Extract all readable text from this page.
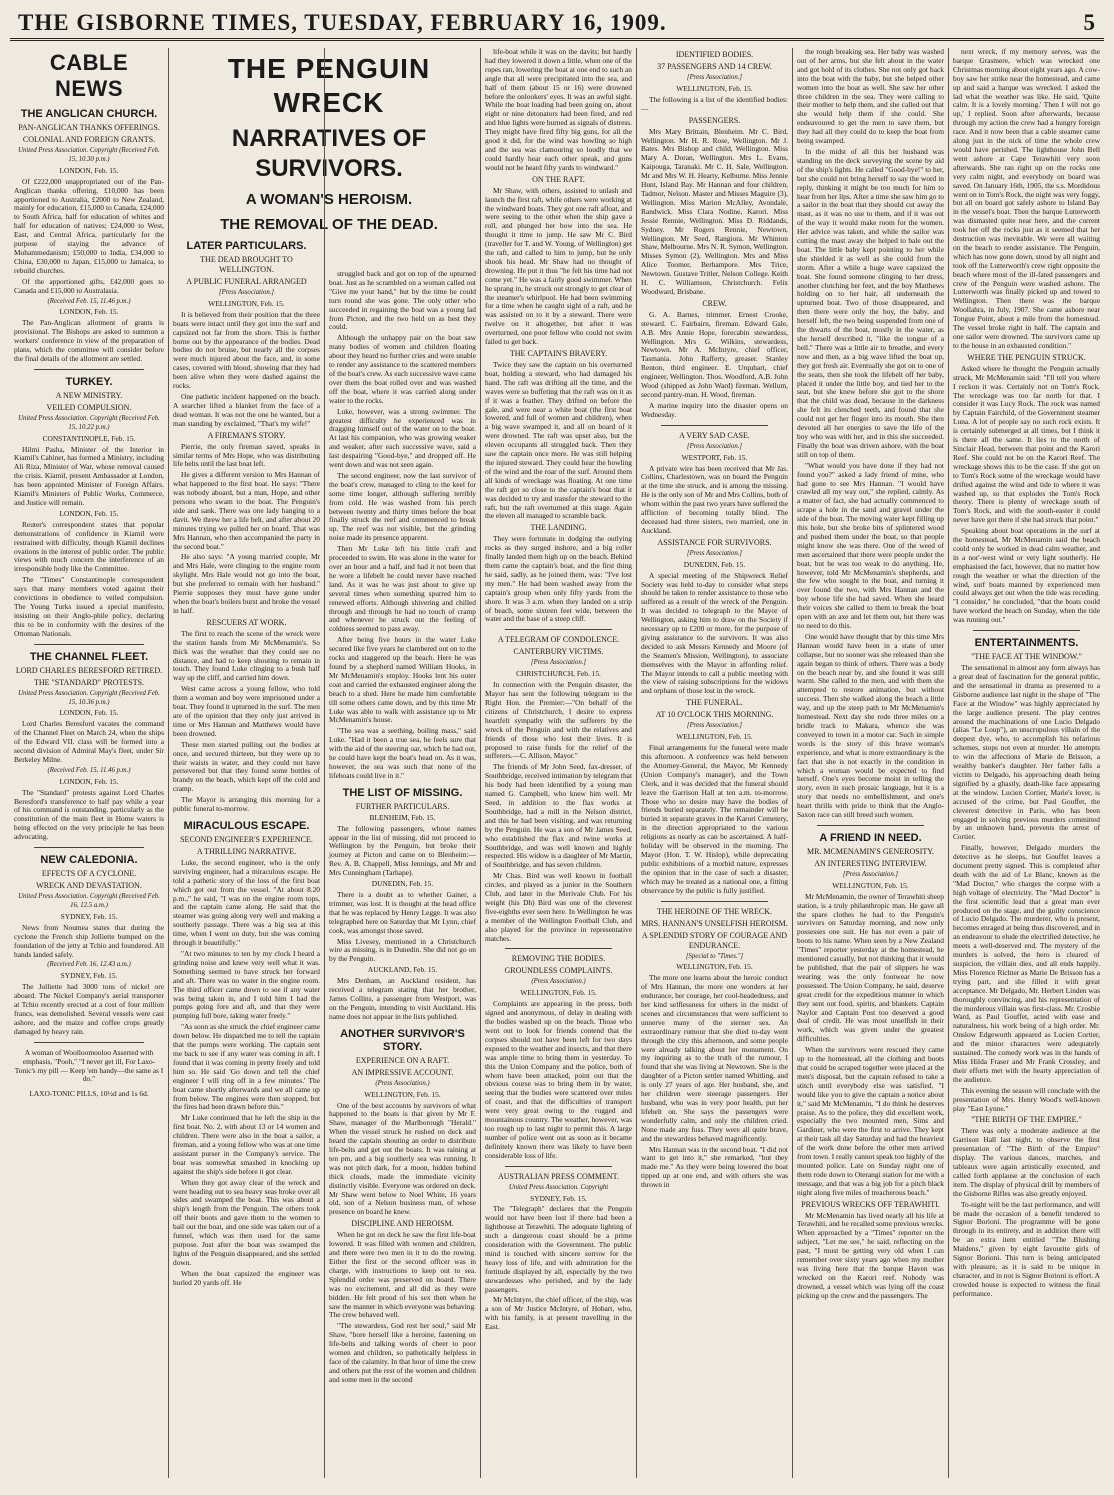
THE GISBORNE TIMES, TUESDAY, FEBRUARY 16, 1909.	5
CABLE NEWS
THE ANGLICAN CHURCH.
PAN-ANGLICAN THANKS OFFERINGS.
COLONIAL AND FOREIGN GRANTS.
United Press Association. Copyright (Received Feb. 15, 10.30 p.m.)
LONDON, Feb. 15.

Of £222,000 unappropriated out of the Pan-Anglican thanks offering, £10,000 has been apportioned to Australia, £2000 to New Zealand, mainly for education, £15,000 to Canada, £24,000 to South Africa, half for education of whites and half for education of natives; £24,000 to West, East, and Central Africa, particularly for the purpose of staying the advance of Mohammedanism; £50,000 to India, £34,000 to China, £30,000 to Japan, £15,000 to Jamaica, to rebuild churches.

Of the apportioned gifts, £42,000 goes to Canada and £15,000 to Australasia.

(Received Feb. 15, 11.46 p.m.)
LONDON, Feb. 15.

The Pan-Anglican allotment of grants is provisional. The Bishops are asked to summon a workers' conference in view of the preparation of plans, which the committee will consider before the final details of the allotment are settled.

TURKEY.
A NEW MINISTRY.
VEILED COMPULSION.
United Press Association. Copyright (Received Feb. 15, 10.22 p.m.)
CONSTANTINOPLE, Feb. 15.

Hilmi Pasha, Minister of the Interior in Kiamil's Cabinet, has formed a Ministry, including Ali Riza, Minister of War, whose removal caused the crisis. Kiamil, present Ambassador at London, has been appointed Minister of Foreign Affairs. Kiamil's Ministers of Public Works, Commerce, and Justice will remain.

LONDON, Feb. 15.

Reuter's correspondent states that popular demonstrations of confidence in Kiamil were restrained with difficulty, though Kiamil declines ovations in the interest of public order. The public views with much concern the interference of an irresponsible body like the Committee.

The "Times" Constantinople correspondent says that many members voted against their convictions in obedience to veiled compulsion. The Young Turks issued a special manifesto, insisting on their Anglo-phile policy, declaring this to be in conformity with the desires of the Ottoman Nationals.

THE CHANNEL FLEET.
LORD CHARLES BERESFORD RETIRED.
THE "STANDARD" PROTESTS.
United Press Association. Copyright (Received Feb. 15, 10.36 p.m.)
LONDON, Feb. 15.

Lord Charles Beresford vacates the command of the Channel Fleet on March 24, when the ships of the Edward VII. class will be formed into a second division of Admiral May's fleet, under Sir Berkeley Milne.

(Received Feb. 15, 11.46 p.m.)
LONDON, Feb. 15.

The "Standard" protests against Lord Charles Beresford's transference to half pay while a year of his command is outstanding, particularly as the constitution of the main fleet in Home waters is being effected on the very principle he has been advocating.

NEW CALEDONIA.
EFFECTS OF A CYCLONE.
WRECK AND DEVASTATION.
United Press Association. Copyright (Received Feb. 16, 12.5 a.m.)
SYDNEY, Feb. 15.

News from Noumea states that during the cyclone the French ship Jolliette bumped on the foundation of the jetty at Tchio and foundered. All hands landed safely.

(Received Feb. 16, 12.43 a.m.)
SYDNEY, Feb. 15.

The Jolliette had 3000 tons of nickel ore aboard. The Nickel Company's aerial transporter at Tchio recently erected at a cost of four million francs, was demolished. Several vessels were cast ashore, and the maize and coffee crops greatly damaged by heavy rain.

A woman of Woolloomooloo Asserted with emphasis, "Pooh," "I never get ill, For Laxo-Tonic's my pill — Keep 'em handy—the same as I do."
LAXO-TONIC PILLS, 10½d and 1s 6d.
THE PENGUIN WRECK
NARRATIVES OF SURVIVORS.
A WOMAN'S HEROISM.
THE REMOVAL OF THE DEAD.
LATER PARTICULARS.
THE DEAD BROUGHT TO WELLINGTON.
A PUBLIC FUNERAL ARRANGED
[Press Association.]
WELLINGTON, Feb. 15.

It is believed from their position that the three boats were intact until they got into the surf and capsized not far from the shore. This is further borne out by the appearance of the bodies. Dead bodies do not bruise, but nearly all the corpses were much injured about the face, and, in some cases, covered with blood, showing that they had been alive when they were dashed against the rocks.

One pathetic incident happened on the beach. A searcher lifted a blanket from the face of a dead woman. It was not the one he wanted, but a man standing by exclaimed, "That's my wife!"

A FIREMAN'S STORY.

Pierrie, the only fireman saved, speaks in similar terms of Mrs Hope, who was distributing life belts until the last boat left.

He gives a different version to Mrs Hannan of what happened to the first boat. He says: "There was nobody aboard, but a man, Hope, and other persons who swam to the boat. The Penguin's side and sank. There was one lady hanging to a davit. We threw her a life belt, and after about 20 minutes trying we pulled her on board. That was Mrs Hannan, who then accompanied the party in the second boat."

He also says: "A young married couple, Mr and Mrs Hale, were clinging to the engine room skylight. Mrs Hale would not go into the boat, but she preferred to remain with her husband." Pierrie supposes they must have gone under when the boat's boilers burst and broke the vessel in half.

RESCUERS AT WORK.

The first to reach the scene of the wreck were the station hands from Mr McMenamin's. So thick was the weather that they could see no distance, and had to keep shouting to remain in touch. They found Luke clinging to a bush half way up the cliff, and carried him down.

West came across a young fellow, who told them a woman and boy were imprisoned under a boat. They found it upturned in the surf. The men are of the opinion that they only just arrived in time or Mrs Hannan and Matthews would have been drowned.

These men started pulling out the bodies at once, and secured thirteen, but they were up to their waists in water, and they could not have persevered but that they found some bottles of brandy on the beach, which kept off the cold and cramp.

The Mayor is arranging this morning for a public funeral to-morrow.

MIRACULOUS ESCAPE.
SECOND ENGINEER'S EXPERIENCE.
A THRILLING NARRATIVE.

Luke, the second engineer, who is the only surviving engineer, had a miraculous escape. He told a pathetic story of the loss of the first boat which got out from the vessel. "At about 8.20 p.m.," he said, "I was on the engine room tops, and the captain came along. He said that the steamer was going along very well and making a southerly passage. There was a big sea at this time, when I went on duty, but she was coming through it beautifully."

"At two minutes to ten by my clock I heard a grinding noise and knew very well what it was. Something seemed to have struck her forward and aft. There was no water in the engine room. The third officer came down to see if any water was being taken in, and I told him I had the pumps going fore and aft, and that they were pumping full bore, taking water freely."

"As soon as she struck the chief engineer came down below. He dispatched me to tell the captain that the pumps were working. The captain sent me back to see if any water was coming in aft. I found that it was coming in pretty freely and told him so. He said 'Go down and tell the chief engineer I will ring off in a few minutes.' The boat came shortly afterwards and we all came up from below. The engines were then stopped, but the fires had been drawn before this."

Mr Luke continued that he left the ship in the first boat. No. 2, with about 13 or 14 women and children. There were also in the boat a sailor, a fireman, and a young fellow who was at one time assistant purser in the Company's service. The boat was somewhat smashed in knocking up against the ship's side before it got clear.

When they got away clear of the wreck and were heading out to sea heavy seas broke over all sides and swamped the boat. This was about a ship's length from the Penguin. The others took off their boots and gave them to the women to bail out the boat, and one side was taken out of a funnel, which was then used for the same purpose. Just after the boat was swamped the lights of the Penguin disappeared, and she settled down.

When the boat capsized the engineer was hurled 20 yards off. He

struggled back and got on top of the upturned boat. Just as he scrambled on a woman called out "Give me your hand," but by the time he could turn round she was gone. The only other who succeeded in regaining the boat was a young lad from Picton, and the two held on as best they could.

Although the unhappy pair on the boat saw many bodies of women and children floating about they heard no further cries and were unable to render any assistance to the scattered members of the boat's crew. As each successive wave came over them the boat rolled over and was washed off the boat, where it was carried along under water to the rocks.

Luke, however, was a strong swimmer. The greatest difficulty he experienced was in dragging himself out of the water on to the boat. At last his companion, who was growing weaker and weaker, after each successive wave, said a last despairing "Good-bye," and dropped off. He went down and was not seen again.

The second engineer, now the last survivor of the boat's crew, managed to cling to the keel for some time longer, although suffering terribly from cold. He was washed from his perch between twenty and thirty times before the boat finally struck the reef and commenced to break up. The reef was not visible, but the grinding noise made its presence apparent.

Then Mr Luke left his little craft and proceeded to swim. He was alone in the water for over an hour and a half, and had it not been that he wore a lifebelt he could never have reached land. As it was he was just about to give up several times when something spurred him to renewed efforts. Although shivering and chilled through and through he had no touch of cramp and whenever he struck out the feeling of coldness seemed to pass away.

After being five hours in the water Luke secured like five years he clambered out on to the rocks and staggered up the beach. Here he was found by a shepherd named William Hooks, in Mr McMenamin's employ. Hooks lent his outer coat and carried the exhausted engineer along the beach to a shed. Here he made him comfortable till some others came down, and by this time Mr Luke was able to walk with assistance up to Mr McMenamin's house.

"The sea was a seething, boiling mass," said Luke. "Had it been a true sea, he feels sure that with the aid of the steering oar, which he had out, he could have kept the boat's head on. As it was, however, the sea was such that none of the lifeboats could live in it."

THE LIST OF MISSING.
FURTHER PARTICULARS.
BLENHEIM, Feb. 15.

The following passengers, whose names appear in the list of missing, did not proceed to Wellington by the Penguin, but broke their journey at Picton and came on to Blenheim:— Rev. A. B. Chappell, Miss Jennings, and Mr and Mrs Cunningham (Tarhape).

DUNEDIN, Feb. 15.

There is a doubt as to whether Gainer, a trimmer, was lost. It is thought at the head office that he was replaced by Henry Legge. It was also telegraphed here on Saturday that Mr Lynn, chief cook, was amongst those saved.

Miss Livesey, mentioned in a Christchurch wire as missing, is in Dunedin. She did not go on by the Penguin.

AUCKLAND, Feb. 15.

Mrs Denham, an Auckland resident, has received a telegram stating that her brother, James Collins, a passenger from Westport, was on the Penguin, intending to visit Auckland. His name does not appear in the lists published.

ANOTHER SURVIVOR'S STORY.
EXPERIENCE ON A RAFT.
AN IMPRESSIVE ACCOUNT.
(Press Association.)
WELLINGTON, Feb. 15.

One of the best accounts by survivors of what happened to the boats is that given by Mr F. Shaw, manager of the Marlborough "Herald." When the vessel struck he rushed on deck and heard the captain shouting an order to distribute life-belts and get out the boats. It was raining at ten pm, and a big southerly sea was running. It was not pitch dark, for a moon, hidden behind thick clouds, made the immediate vicinity distinctly visible. Everyone was ordered on deck. Mr Shaw went below to Noel White, 16 years old, son of a Nelson business man, of whose presence on board he knew.

DISCIPLINE AND HEROISM.

When he got on deck he saw the first life-boat lowered. It was filled with women and children, and there were two men in it to do the rowing. Either the first or the second officer was in charge, with instructions to keep out to sea. Splendid order was preserved on board. There was no excitement, and all did as they were bidden. He felt proud of his sex then when he saw the manner in which everyone was behaving. The crew behaved well.

"The stewardess, God rest her soul," said Mr Shaw, "bore herself like a heroine, fastening on life-belts and talking words of cheer to poor women and children, so pathetically helpless in face of the calamity. In that hour of time the crew and others put the rest of the women and children and some men in the second

life-boat while it was on the davits; but hardly had they lowered it down a little, when one of the ropes ran, lowering the boat at one end to such an angle that all were precipitated into the sea, and half of them (about 15 or 16) were drowned before the onlookers' eyes. It was an awful sight. While the boat loading had been going on, about eight or nine detonators had been fired, and red and blue lights were burned as signals of distress. They might have fired fifty big guns, for all the good it did, for the wind was howling so high and the sea was clamouring so loudly that we could hardly hear each other speak, and guns would not be heard fifty yards to windward."

ON THE RAFT.

Mr Shaw, with others, assisted to unlash and launch the first raft, while others were working at the windward boats. They got one raft afloat, and were seeing to the other when the ship gave a roll, and plunged her bow into the sea. He thought it time to jump. He saw Mr C. Bird (traveller for T. and W. Young, of Wellington) get the raft, and called to him to jump, but he only shook his head. Mr Shaw had no thought of drowning. He put it thus "he felt his time had not come yet." He was a fairly good swimmer. When he sprang in, he struck out strongly to get clear of the steamer's whirlpool. He had been swimming for a time when he caught sight of a raft, and he was assisted on to it by a steward. There were twelve on it altogether, but after it was overturned, one poor fellow who could not swim failed to get back.

THE CAPTAIN'S BRAVERY.

Twice they saw the captain on his overturned boat, holding a steward, who had damaged his hand. The raft was drifting all the time, and the waves were so buffeting that the raft was on it as if it was a feather. They drifted on before the gale, and were near a white boat (the first boat lowered, and full of women and children), when a big wave swamped it, and all on board of it were drowned. The raft was upset also, but the eleven occupants all struggled back. Then they saw the captain once more. He was still helping the injured steward. They could hear the howling of the wind and the roar of the surf. Around them all kinds of wreckage was floating. At one time the raft got so close to the captain's boat that it was decided to try and transfer the steward to the raft, but the raft overturned at this stage. Again the eleven all managed to scramble back.

THE LANDING.

They were fortunate in dodging the outlying rocks as they surged inshore, and a big roller finally landed them high up on the beach. Behind them came the captain's boat, and the first thing he said, sadly, as he joined them, was: "I've lost my men." He had been washed away from the captain's group when only fifty yards from the shore. It was 3 a.m. when they landed on a strip of beach, some sixteen feet wide, between the water and the base of a steep cliff.

A TELEGRAM OF CONDOLENCE.
CANTERBURY VICTIMS.
[Press Association.]
CHRISTCHURCH, Feb. 15.

In connection with the Penguin disaster, the Mayor has sent the following telegram to the Right Hon. the Premier:—"On behalf of the citizens of Christchurch, I desire to express heartfelt sympathy with the sufferers by the wreck of the Penguin and with the relatives and friends of those who lost their lives. It is proposed to raise funds for the relief of the sufferers.—C. Allison, Mayor."

The friends of Mr John Seed, fax-dresser, of Southbridge, received intimation by telegram that his body had been identified by a young man named G. Campbell, who knew him well. Mr Seed, in addition to the flax works at Southbridge, had a mill in the Nelson district, and this he had been visiting, and was returning by the Penguin. He was a son of Mr James Seed, who established the flax and twine works at Southbridge, and was well known and highly respected. His widow is a daughter of Mr Martin, of Southbridge, and has seven children.

Mr Chas. Bird was well known in football circles, and played as a junior in the Southern Club, and later in the Merivale Club. For his weight (his Dh) Bird was one of the cleverest five-eighths ever seen here. In Wellington he was a member of the Wellington Football Club, and also played for the province in representative matches.

REMOVING THE BODIES.
GROUNDLESS COMPLAINTS.
(Press Association.)
WELLINGTON, Feb. 15.

Complaints are appearing in the press, both signed and anonymous, of delay in dealing with the bodies washed up on the beach. Those who went out to look for friends contend that the corpses should not have been left for two days exposed to the weather and insects, and that there was ample time to bring them in yesterday. To this the Union Company and the police, both of whom have been attacked, point out that the obvious course was to bring them in by water, seeing that the bodies were scattered over miles of coast, and that the difficulties of transport were very great owing to the rugged and mountainous country. The weather, however, was too rough up to last night to permit this. A large number of police went out as soon as it became definitely known there was likely to have been considerable loss of life.

AUSTRALIAN PRESS COMMENT.
United Press Association. Copyright
SYDNEY, Feb. 15.

The "Telegraph" declares that the Penguin would not have been lost if there had been a lighthouse at Terawhiti. The adequate lighting of such a dangerous coast should be a prime consideration with the Government. The public mind is touched with sincere sorrow for the heavy loss of life, and with admiration for the fortitude displayed by all, especially by the two stewardesses who perished, and by the lady passengers.

Mr McIntyre, the chief officer, of the ship, was a son of Mr Justice McIntyre, of Hobart, who, with his family, is at present travelling in the East.

IDENTIFIED BODIES.
37 PASSENGERS AND 14 CREW.
[Press Association.]
WELLINGTON, Feb. 15.

The following is a list of the identified bodies:—

PASSENGERS.

Mrs Mary Brittain, Blenheim. Mr C. Bird, Wellington. Mr H. R. Rose, Wellington. Mr J. Bates. Mrs Bishop and child, Wellington. Miss Mary A. Doran, Wellington. Mrs L. Evans, Kaipouga, Taranaki. Mr C. H. Sale, Wellington. Mr and Mrs W. H. Hearty, Kelburne. Miss Jennie Hunt, Island Bay. Mr Hannan and four children, Tadmor, Nelson. Master and Misses Maguire (3), Wellington. Miss Marion McAlley, Avondale, Randwick. Miss Clara Nodine, Karori. Miss Jessie Rennie, Wellington. Miss D. Riddands, Sydney. Mr Rogers Rennie, Newtown, Wellington. Mr Seed, Rangiora. Mr Whinton Shaw, Melbourne. Mrs N. R. Symon, Wellington. Misses Symon (2), Wellington. Mrs and Miss Alice Toomer, Berhampore. Mrs Trice, Newtown. Gustave Tritler, Nelson College. Keith H. C. Williamson, Christchurch. Felix Woodward, Brisbane.

CREW.

G. A. Barnes, trimmer. Ernest Crooke, steward. C. Fairbairn, fireman. Edward Gale, A.B. Mrs Annie Hope, forecabin stewardess, Wellington. Mrs G. Wilkins, stewardess, Newtown. Mr A. McIntyre, chief officer, Tasmania. John Rafferty, greaser. Stanley Renton, third engineer. E. Urquhart, chief engineer, Wellington. Thos. Woodford, A.B. John Wood (shipped as John Ward) fireman. Wellum, second pantry-man. H. Wood, fireman.

A marine inquiry into the disaster opens on Wednesday.

A VERY SAD CASE.
[Press Association.]
WESTPORT, Feb. 15.

A private wire has been received that Mr Jas. Collins, Charlestown, was on board the Penguin at the time she struck, and is among the missing. He is the only son of Mr and Mrs Collins, both of whom within the past two years have suffered the affliction of becoming totally blind. The deceased had three sisters, two married, one in Auckland.

ASSISTANCE FOR SURVIVORS.
[Press Association.]
DUNEDIN, Feb. 15.

A special meeting of the Shipwreck Relief Society was held to-day to consider what steps should be taken to render assistance to those who suffered as a result of the wreck of the Penguin. It was decided to telegraph to the Mayor of Wellington, asking him to draw on the Society if necessary up to £200 or more, for the purpose of giving assistance to the survivors. It was also decided to ask Messrs Kennedy and Moore (of the Seamen's Mission, Wellington), to associate themselves with the Mayor in affording relief. The Mayor intends to call a public meeting with the view of raising subscriptions for the widows and orphans of those lost in the wreck.

THE FUNERAL.
AT 10 O'CLOCK THIS MORNING.
[Press Association.]
WELLINGTON, Feb. 15.

Final arrangements for the funeral were made this afternoon. A conference was held between the Attorney-General, the Mayor, Mr Kennedy (Union Company's manager), and the Town Clerk, and it was decided that the funeral should leave the Garrison Hall at ten a.m. to-morrow. Those who so desire may have the bodies of friends buried separately. The remainder will be buried in separate graves in the Karori Cemetery, in the direction appropriated to the various religions as nearly as can be ascertained. A half-holiday will be observed in the morning. The Mayor (Hon. T. W. Hislop), while deprecating public exhibitions of a morbid nature, expresses the opinion that in the case of such a disaster, which may be treated as a national one, a fitting observance by the public is fully justified.

THE HEROINE OF THE WRECK.
MRS. HANNAN'S UNSELFISH HEROISM.
A SPLENDID STORY OF COURAGE AND ENDURANCE.
[Special to "Times."]
WELLINGTON, Feb. 15.

The more one learns about the heroic conduct of Mrs Hannan, the more one wonders at her endurance, her courage, her cool-headedness, and her kind selflessness for others in the midst of scenes and circumstances that were sufficient to unnerve many of the sterner sex. An extraordinary rumour that she died to-day went through the city this afternoon, and some people were already talking about her monument. On my inquiring as to the truth of the rumour, I found that she was living at Newtown. She is the daughter of a Picton settler named Whitling, and is only 27 years of age. Her husband, she, and her children were steerage passengers. Her husband, who was in very poor health, put her lifebelt on. She says the passengers were wonderfully calm, and only the children cried. None made any fuss. They were all quite brave, and the stewardess behaved magnificently.

Mrs Hannan was in the second boat. "I did not want to get into it," she remarked, "but they made me." As they were being lowered the boat tipped up at one end, and with others she was thrown in

the rough breaking sea. Her baby was washed out of her arms, but she felt about in the water and got hold of its clothes. She not only got back into the boat with the baby, but she helped other women into the boat as well. She saw her other three children in the sea. They were calling to their mother to help them, and she called out that she would help them if she could. She endeavoured to get the men to save them, but they had all they could do to keep the boat from being swamped.

In the midst of all this her husband was standing on the deck surveying the scene by aid of the ship's lights. He called "Good-bye!" to her, but she could not bring herself to say the word in reply, thinking it might be too much for him to hear from her lips. After a time she saw him go to a sailor in the boat that they should cut away the mast, as it was no use to them, and if it was out of the way it would make room for the women. Her advice was taken, and while the sailor was cutting the mast away she helped to bale out the boat. The little baby kept pointing to her while she shielded it as well as she could from the storm. After a while a huge wave capsized the boat. She found someone clinging to her dress, another clutching her feet, and the boy Matthews holding on to her hair, all underneath the upturned boat. Two of those disappeared, and then there were only the boy, the baby, and herself left, the two being suspended from one of the thwarts of the boat, mostly in the water, as she herself described it, "like the tongue of a bell." There was a little air to breathe, and every now and then, as a big wave lifted the boat up, they got fresh air. Eventually she got on to one of the seats, then she took the lifebelt off her baby, placed it under the little boy, and tied her to the seat, but she knew before she got to the shore that the child was dead, because in the darkness she felt its clenched teeth, and found that she could not get her finger into its mouth. She then devoted all her energies to save the life of the boy who was with her, and in this she succeeded. Finally the boat was driven ashore, with the boat still on top of them.

"What would you have done if they had not found you?" asked a lady friend of mine, who had gone to see Mrs Hannan. "I would have crawled all my way out," she replied, calmly. As a matter of fact, she had actually commenced to scrape a hole in the sand and gravel under the side of the boat. The moving water kept filling up this hole, but she broke bits of splintered wood and pushed them under the boat, so that people might know she was there. One of the weed of men ascertained that there were people under the boat, but he was too weak to do anything. He, however, told Mr McMenamin's shepherds, and the few who sought to the boat, and turning it over found the two, with Mrs Hannan and the boy whose life she had saved. When she heard their voices she called to them to break the boat open with an axe and let them out, but there was no need to do this.

One would have thought that by this time Mrs Hannan would have been in a state of utter collapse, but no sooner was she released than she again began to think of others. There was a body on the beach near by, and she found it was still warm. She called to the men, and with them she attempted to restore animation, but without success. Then she walked along the beach a little way, and up the steep path to Mr McMenamin's homestead. Next day she rode three miles on a bridle track to Makara, whence she was conveyed to town in a motor car. Such in simple words is the story of this brave woman's experience, and what is more extraordinary is the fact that she is not exactly in the condition in which a woman would be expected to find herself. One's eyes become moist in telling the story, even in such prosaic language, but it is a story that needs no embellishment, and one's heart thrills with pride to think that the Anglo-Saxon race can still breed such women.

A FRIEND IN NEED.
MR. MCMENAMIN'S GENEROSITY.
AN INTERESTING INTERVIEW.
[Press Association.]
WELLINGTON, Feb. 15.

Mr McMenamin, the owner of Terawhiti sheep station, is a truly philanthropic man. He gave all the spare clothes he had to the Penguin's survivors on Saturday morning, and now only possesses one suit. He has not even a pair of boots to his name. When seen by a New Zealand "Times" reporter yesterday at the homestead, he mentioned casually, but not thinking that it would be published, that the pair of slippers he was wearing was the only footwear he now possessed. The Union Company, he said, deserve great credit for the expeditious manner in which they sent out food, spirits, and blankets. Captain Naylor and Captain Post too deserved a good deal of credit. He was most unselfish in their work, which was given under the greatest difficulties.

When the survivors were rescued they came up to the homestead, all the clothing and boots that could be scraped together were placed at the men's disposal, but the captain refused to take a stitch until everybody else was satisfied. "I would like you to give the captain a notice about it," said Mr McMenamin, "I do think he deserves praise. As to the police, they did excellent work, especially the two mounted men, Sims and Gardiner, who were the first to arrive. They kept at their task all day Saturday and had the heaviest of the work done before the other men arrived from town. I really cannot speak too highly of the mounted police. Late on Sunday night one of them rode down to Oterangi station for me with a message, and that was a big job for a pitch black night along five miles of treacherous beach."

PREVIOUS WRECKS OFF TERAWHITI.

Mr McMenamin has lived nearly all his life at Terawhiti, and he recalled some previous wrecks. When approached by a "Times" reporter on the subject, "Let me see," he said, reflecting on the past, "I must be getting very old when I can remember over sixty years ago when my mother was living here that the barque Haven was wrecked on the Karori reef. Nobody was drowned, a vessel which was lying off the coast picking up the crew and the passengers. The

next wreck, if my memory serves, was the barque Grasmere, which was wrecked one Christmas morning about eight years ago. A cow-boy saw her strike near the homestead, and came up and said a barque was wrecked. I asked the lad what the weather was like. He said, 'Quite calm. It is a lovely morning.' Then I will not go up,' I replied. Soon after afterwards, because through my action the crew had a hungry foreign race. And it now been that a cable steamer came along just in the nick of time the whole crew would have perished. The lighthouse John Bell went ashore at Cape Terawhiti very soon afterwards. She ran right up on the rocks one very calm night, and everybody on board was saved. On January 16th, 1905, the s.s. Mordidous went on to Tom's Rock, the night was very foggy, but all on board got safely ashore to Island Bay in the vessel's boat. Then the barque Lutterworth was dismasted quite near here, and the current took her off the rocks just as it seemed that her destruction was inevitable. We were all waiting on the beach to render assistance. The Penguin, which has now gone down, stood by all night and took off the Lutterworth's crew right opposite the beach where most of the ill-fated passengers and crew of the Penguin were washed ashore. The Lutterworth was finally picked up and towed to Wellington. Then there was the barque Woollahra, in July, 1907. She came ashore near Tongue Point, about a mile from the homestead. The vessel broke right in half. The captain and one sailor were drowned. The survivors came up to the house in an exhausted condition."

WHERE THE PENGUIN STRUCK.

Asked where he thought the Penguin actually struck, Mr McMenamin said: "I'll tell you where I reckon it was. Certainly not on Tom's Rock. The wreckage was too far north for that. I consider it was Lucy Rock. The rock was named by Captain Fairchild, of the Government steamer Luna. A lot of people say no such rock exists. It is certainly submerged at all times, but I think it is there all the same. It lies to the north of Sinclair Head, between that point and the Karori Reef. She could not be on the Karori Reef. The wreckage shows this to be the case. If she got on to Tom's Rock some of the wreckage would have drifted against the wind and tide to where it was washed up, so that explodes the Tom's Rock theory. There is plenty of wreckage south of Tom's Rock, and with the south-easter it could never have got there if she had struck that point."

Speaking about boat operations in the surf at the homestead, Mr McMenamin said the beach could only be worked in dead calm weather, and in a nor'-west wind or very light southerly. He emphasised the fact, however, that no matter how rough the weather or what the direction of the wind, surf boats manned by experienced men could always get out when the tide was receding. "I consider," he concluded, "that the boats could have worked the beach on Sunday, when the tide was running out."

ENTERTAINMENTS.
"THE FACE AT THE WINDOW."

The sensational in almost any form always has a great deal of fascination for the general public, and the sensational in drama as presented to a Gisborne audience last night in the shape of "The Face at the Window" was highly appreciated by the large audience present. The play centres around the machinations of one Lucio Delgado (alias "Le Loup"), an unscrupulous villain of the deepest dye, who, to accomplish his nefarious schemes, stops not even at murder. He attempts to win the affections of Marie de Brisson, a wealthy banker's daughter. Her father falls a victim to Delgado, his approaching death being signified by a ghastly, death-like face appearing at the window. Lucien Cortier, Marie's lover, is accused of the crime, but Paul Gouffet, the cleverest detective in Paris, who has been engaged in solving previous murders committed by an unknown hand, prevents the arrest of Cortier.

Finally, however, Delgado murders the detective as he sleeps, but Gouffet leaves a document pretty signed. This is completed after death with the aid of Le Blanc, known as the "Mad Doctor," who charges the corpse with a high voltage of electricity. The "Mad Doctor" is the first scientific lead that a great man ever produced on the stage, and the guilty conscience of Lucio Delgado. The murderer, who is present, becomes enraged at being thus discovered, and in an endeavour to elude the electrified detective, he meets a well-deserved end. The mystery of the murders is solved, the hero is cleared of suspicion, the villain dies, and all ends happily. Miss Florence Richter as Marie De Brisson has a trying part, and she filled it with great acceptance. Mr Delgado, Mr. Herbert Linden was thoroughly convincing, and his representation of the murderous villain was first-class. Mr. Crosbie Ward, as Paul Gouffet, acted with ease and naturalness, his work being of a high order. Mr. Onslow Edgeworth appeared as Lucien Cortier, and the minor characters were adequately sustained. The comedy work was in the hands of Miss Hilda Fraser and Mr Frank Crossley, and their efforts met with the hearty appreciation of the audience.

This evening the season will conclude with the presentation of Mrs. Henry Wood's well-known play "East Lynne."

"THE BIRTH OF THE EMPIRE."

There was only a moderate audience at the Garrison Hall last night, to observe the first presentation of "The Birth of the Empire" display. The various dances, marches, and tableaux were again artistically executed, and called forth applause at the conclusion of each item. The display of physical drill by members of the Gisborne Rifles was also greatly enjoyed.

To-night will be the last performance, and will be made the occasion of a benefit tendered to Signor Borioni. The programme will be gone through in its entirety, and in addition there will be an extra item entitled "The Blushing Maidens," given by eight favourite girls of Signor Borioni. This turn is being anticipated with pleasure, as it is said to be unique in character, and in not is Signor Borioni is effort. A crowded house is expected to witness the final performance.
